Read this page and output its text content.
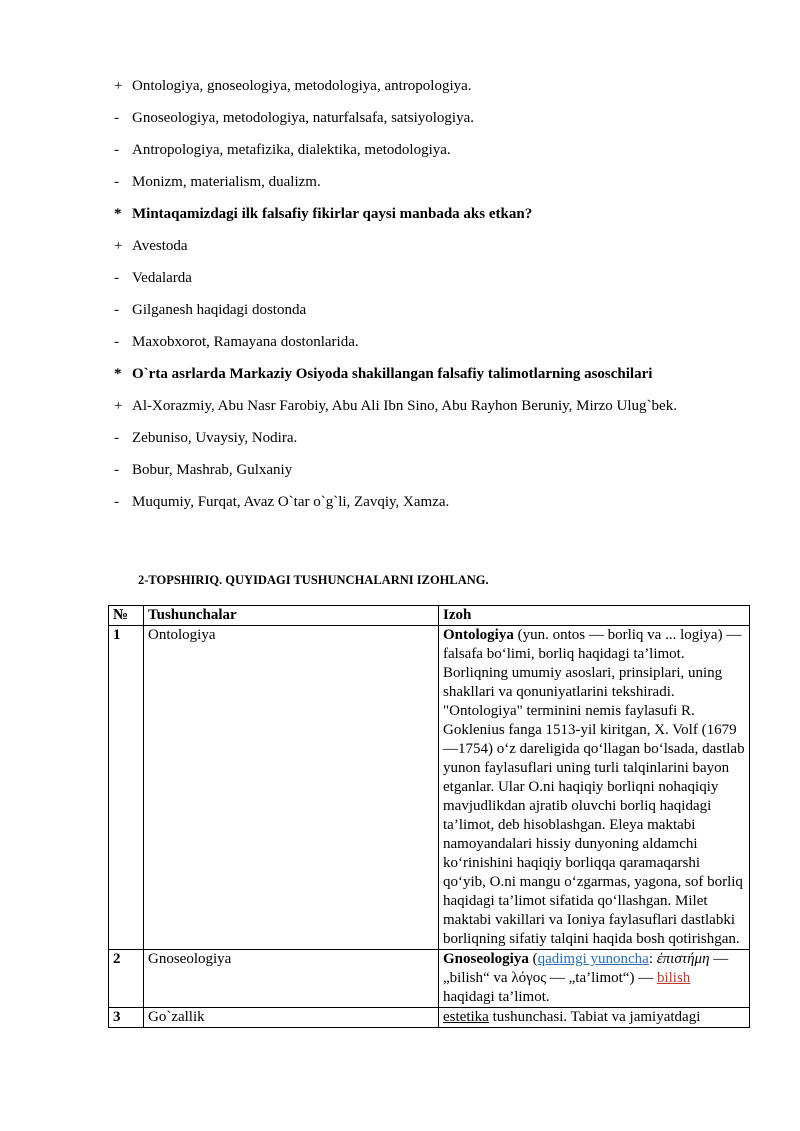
+ Ontologiya, gnoseologiya, metodologiya, antropologiya.
- Gnoseologiya, metodologiya, naturfalsafa, satsiyologiya.
- Antropologiya, metafizika, dialektika, metodologiya.
- Monizm, materialism, dualizm.
* Mintaqamizdagi ilk falsafiy fikirlar qaysi manbada aks etkan?
+ Avestoda
- Vedalarda
- Gilganesh haqidagi dostonda
- Maxobxorot, Ramayana dostonlarida.
* O`rta asrlarda Markaziy Osiyoda shakillangan falsafiy talimotlarning asoschilari
+ Al-Xorazmiy, Abu Nasr Farobiy, Abu Ali Ibn Sino, Abu Rayhon Beruniy, Mirzo Ulug`bek.
- Zebuniso, Uvaysiy, Nodira.
- Bobur, Mashrab, Gulxaniy
- Muqumiy, Furqat, Avaz O`tar o`g`li, Zavqiy, Xamza.
2-TOPSHIRIQ. QUYIDAGI TUSHUNCHALARNI IZOHLANG.
№	Tushunchalar	Izoh
1	Ontologiya	Ontologiya (yun. ontos — borliq va ... logiya) — falsafa bo‘limi, borliq haqidagi ta’limot. Borliqning umumiy asoslari, prinsiplari, uning shakllari va qonuniyatlarini tekshiradi. "Ontologiya" terminini nemis faylasufi R. Goklenius fanga 1513-yil kiritgan, X. Volf (1679—1754) o‘z dareligida qo‘llagan bo‘lsada, dastlab yunon faylasuflari uning turli talqinlarini bayon etganlar. Ular O.ni haqiqiy borliqni nohaqiqiy mavjudlikdan ajratib oluvchi borliq haqidagi ta’limot, deb hisoblashgan. Eleya maktabi namoyandalari hissiy dunyoning aldamchi ko‘rinishini haqiqiy borliqqa qaramaqarshi qo‘yib, O.ni mangu o‘zgarmas, yagona, sof borliq haqidagi ta’limot sifatida qo‘llashgan. Milet maktabi vakillari va Ioniya faylasuflari dastlabki borliqning sifatiy talqini haqida bosh qotirishgan.
2	Gnoseologiya	Gnoseologiya (qadimgi yunoncha: ἐπιστήμη — „bilish“ va λόγος — „ta’limot“) — bilish haqidagi ta’limot.
3	Go`zallik	estetika tushunchasi. Tabiat va jamiyatdagi
